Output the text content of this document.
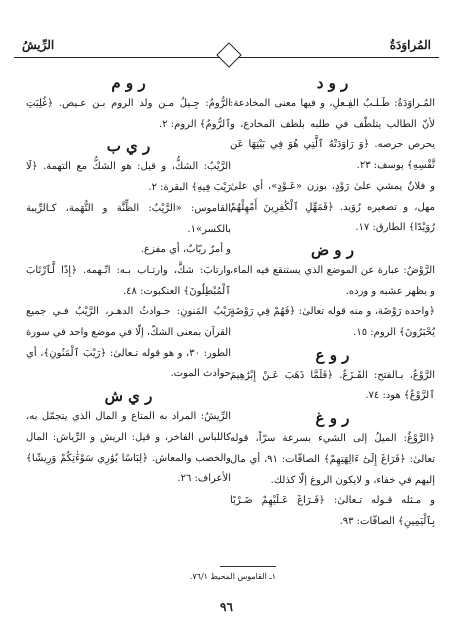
المُراوَدَةُ
الرِّيشُ
ر و د

المُـراوَدَةُ: طَـلـبُ الفِـعلِ، و فيها معنى المخادعة: لأنّ الطالب يتلطّف في طلبه بلطف المخادع، و يحرص حرصه. ﴿وَ رَاوَدَتْهُ ٱلَّتِي هُوَ فِي بَيْتِهَا عَن نَّفْسِهِ﴾ يوسف: ٢٣.

و فلانٌ يمشي علىٰ رَوْدٍ، بوزن «عَـوْدٍ»، أي علىٰ مهل، و تصغيره رُوَيد. ﴿فَمَهِّلِ ٱلْكَٰفِرِينَ أَمْهِلْهُمْ رُوَيْدًا﴾ الطارق: ١٧.

ر و ض

الرَّوْضُ: عبارة عن الموضع الذي يستنقع فيه الماء، و يظهر عشبه و ورده.

﴿واحده رَوْضَة، و منه قوله تعالىٰ: ﴿فَهُمْ فِي رَوْضَةٍ يُحْبَرُونَ﴾ الروم: ١٥.

ر و ع

الرَّوْعُ، بـالفتح: الفَـزَعُ. ﴿فَلَمَّا ذَهَبَ عَـنْ إِبْرَٰهِيمَ ٱلرَّوْعُ﴾ هود: ٧٤.

ر و غ

﴿الرَّوْغُ: الميلُ إلى الشيء بسرعة سرّاً، قوله تعالىٰ: ﴿فَرَاغَ إِلَىٰٓ ءَالِهَتِهِمْ﴾ الصافّات: ٩١، أي مال إليهم في خفاء، و لايكون الروغ إلّا كذلك.

و مـثله قـوله تـعالىٰ: ﴿فَـرَاغَ عَـلَيْهِمْ ضَـرْبًا بِٱلْيَمِينِ﴾ الصافّات: ٩٣.

ر و م

الرُّومُ: جِـيلٌ مـن ولد الروم بـن عـيص. ﴿غُلِبَتِ ٱلرُّومُ﴾ الروم: ٢.

ر ي ب

الرَّيْبُ: الشكُّ، و قيل: هو الشكُّ مع التهمة. ﴿لَا رَيْبَ فِيهِ﴾ البقرة: ٢.

القاموس: «الرَّيْبُ: الظِّنَّة و التُّهَمة، كـالرِّيبة بالكسر»١.

و أمرٌ ريّابٌ، أي مفزع.

وارتابَ: شكَّ، وارتـاب بـه: اتّـهمه. ﴿إِذًا لَّٱرْتَابَ ٱلْمُبْطِلُونَ﴾ العنكبوت: ٤٨.

رَيْبُ المَنونِ: حـوادثُ الدهـر، الرَّيْبُ فـي جميع القرآن بمعنى الشكّ، إلّا في موضع واحد في سورة الطور: ٣٠، و هو قوله تـعالىٰ: ﴿رَيْبَ ٱلْمَنُونِ﴾، أي حوادث الموت.

ر ي ش

الرِّيشُ: المراد به المتاع و المال الذي يتجمّل به، كاللباس الفاخر، و قيل: الريش و الرِّياش: المال والخصب والمعاش. ﴿لِبَاسًا يُوَٰرِي سَوْءَٰتِكُمْ وَرِيشًا﴾ الأعراف: ٢٦.

١ـ القاموس المحيط ٧٦/١.
٩٦
